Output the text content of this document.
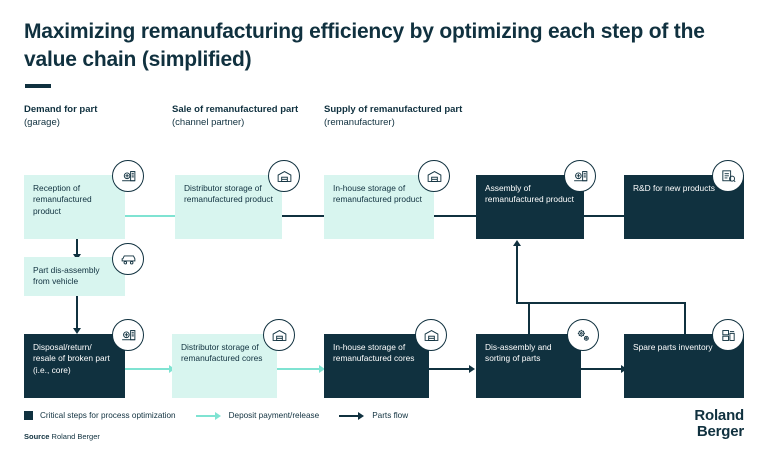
Maximizing remanufacturing efficiency by optimizing each step of the value chain (simplified)
Demand for part
(garage)
Sale of remanufactured part
(channel partner)
Supply of remanufactured part
(remanufacturer)
Reception of remanufactured product
Distributor storage of remanufactured product
In-house storage of remanufactured product
Assembly of remanufactured product
R&D for new products
Part dis-assembly from vehicle
Disposal/return/ resale of broken part (i.e., core)
Distributor storage of remanufactured cores
In-house storage of remanufactured cores
Dis-assembly and sorting of parts
Spare parts inventory
Critical steps for process optimization	Deposit payment/release	Parts flow
Source Roland Berger
Roland
Berger
